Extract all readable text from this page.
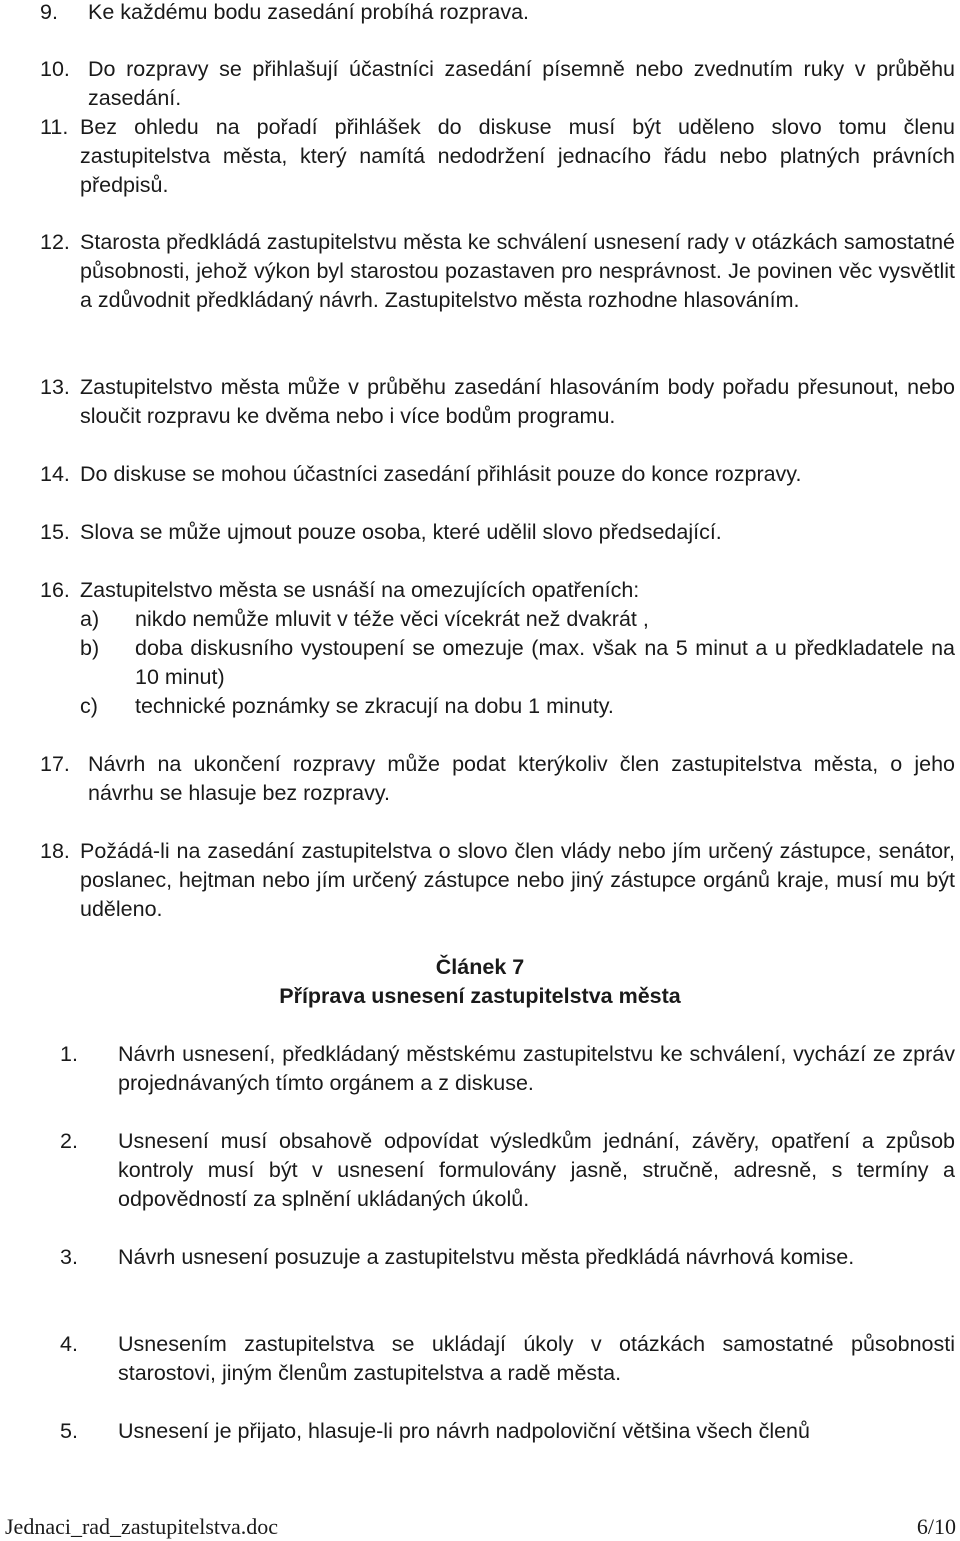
9. Ke každému bodu zasedání probíhá rozprava.
10. Do rozpravy se přihlašují účastníci zasedání písemně nebo zvednutím ruky v průběhu zasedání.
11. Bez ohledu na pořadí přihlášek do diskuse musí být uděleno slovo tomu členu zastupitelstva města, který namítá nedodržení jednacího řádu nebo platných právních předpisů.
12. Starosta předkládá zastupitelstvu města ke schválení usnesení rady v otázkách samostatné působnosti, jehož výkon byl starostou pozastaven pro nesprávnost. Je povinen věc vysvětlit a zdůvodnit předkládaný návrh. Zastupitelstvo města rozhodne hlasováním.
13. Zastupitelstvo města může v průběhu zasedání hlasováním body pořadu přesunout, nebo sloučit rozpravu ke dvěma nebo i více bodům programu.
14. Do diskuse se mohou účastníci zasedání přihlásit pouze do konce rozpravy.
15. Slova se může ujmout pouze osoba, které udělil slovo předsedající.
16. Zastupitelstvo města se usnáší na omezujících opatřeních:
a) nikdo nemůže mluvit v téže věci vícekrát než dvakrát ,
b) doba diskusního vystoupení se omezuje (max. však na 5 minut a u předkladatele na 10 minut)
c) technické poznámky se zkracují na dobu 1 minuty.
17. Návrh na ukončení rozpravy může podat kterýkoliv člen zastupitelstva města, o jeho návrhu se hlasuje bez rozpravy.
18. Požádá-li na zasedání zastupitelstva o slovo člen vlády nebo jím určený zástupce, senátor, poslanec, hejtman nebo jím určený zástupce nebo jiný zástupce orgánů kraje, musí mu být uděleno.
Článek 7
Příprava usnesení zastupitelstva města
1. Návrh usnesení, předkládaný městskému zastupitelstvu ke schválení, vychází ze zpráv projednávaných tímto orgánem a z diskuse.
2. Usnesení musí obsahově odpovídat výsledkům jednání, závěry, opatření a způsob kontroly musí být v usnesení formulovány jasně, stručně, adresně, s termíny a odpovědností za splnění ukládaných úkolů.
3. Návrh usnesení posuzuje a zastupitelstvu města předkládá návrhová komise.
4. Usnesením zastupitelstva se ukládají úkoly v otázkách samostatné působnosti starostovi, jiným členům zastupitelstva a radě města.
5. Usnesení je přijato, hlasuje-li pro návrh nadpoloviční většina všech členů
Jednaci_rad_zastupitelstva.doc	6/10
